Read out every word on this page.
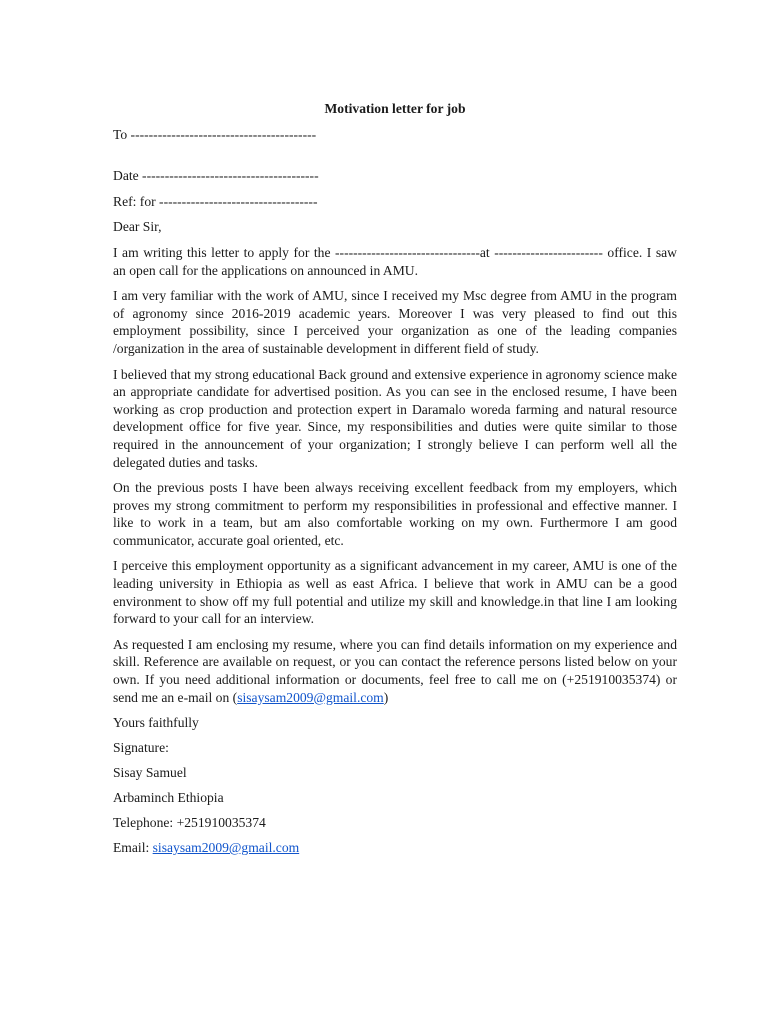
Motivation letter for job
To -----------------------------------------
Date ---------------------------------------
Ref: for -----------------------------------
Dear Sir,

I am writing this letter to apply for the --------------------------------at ------------------------ office. I saw an open call for the applications on announced in AMU.

I am very familiar with the work of AMU, since I received my Msc degree from AMU in the program of agronomy since 2016-2019 academic years. Moreover I was very pleased to find out this employment possibility, since I perceived your organization as one of the leading companies /organization in the area of sustainable development in different field of study.

I believed that my strong educational Back ground and extensive experience in agronomy science make an appropriate candidate for advertised position. As you can see in the enclosed resume, I have been working as crop production and protection expert in Daramalo woreda farming and natural resource development office for five year. Since, my responsibilities and duties were quite similar to those required in the announcement of your organization; I strongly believe I can perform well all the delegated duties and tasks.

On the previous posts I have been always receiving excellent feedback from my employers, which proves my strong commitment to perform my responsibilities in professional and effective manner. I like to work in a team, but am also comfortable working on my own. Furthermore I am good communicator, accurate goal oriented, etc.

I perceive this employment opportunity as a significant advancement in my career, AMU is one of the leading university in Ethiopia as well as east Africa. I believe that work in AMU can be a good environment to show off my full potential and utilize my skill and knowledge.in that line I am looking forward to your call for an interview.

As requested I am enclosing my resume, where you can find details information on my experience and skill. Reference are available on request, or you can contact the reference persons listed below on your own. If you need additional information or documents, feel free to call me on (+251910035374) or send me an e-mail on (sisaysam2009@gmail.com)

Yours faithfully
Signature:
Sisay Samuel
Arbaminch Ethiopia
Telephone: +251910035374
Email: sisaysam2009@gmail.com
